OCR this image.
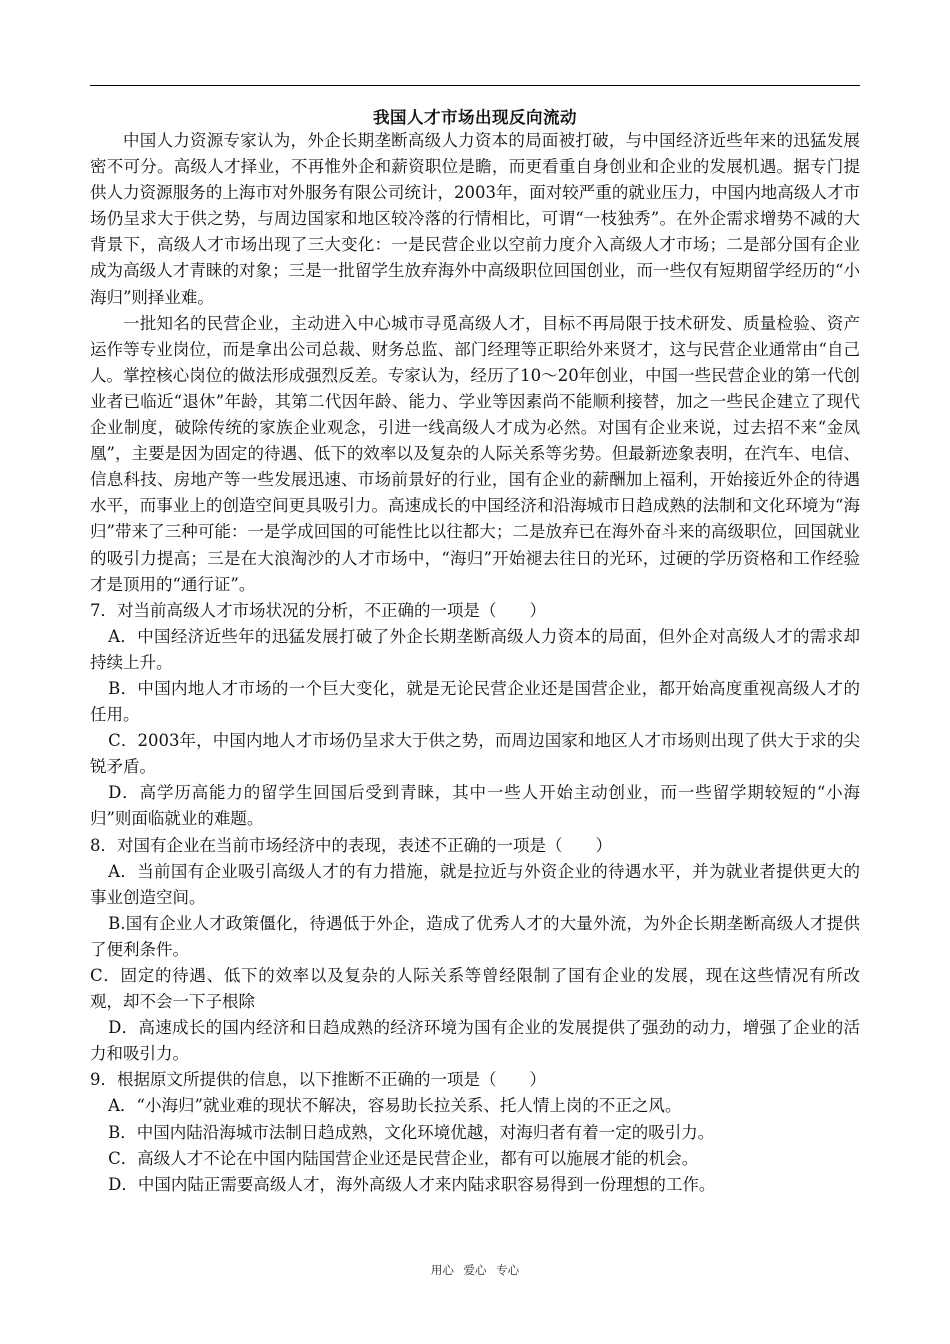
我国人才市场出现反向流动

中国人力资源专家认为，外企长期垄断高级人力资本的局面被打破，与中国经济近些年来的迅猛发展密不可分。高级人才择业，不再惟外企和薪资职位是瞻，而更看重自身创业和企业的发展机遇。据专门提供人力资源服务的上海市对外服务有限公司统计，2003年，面对较严重的就业压力，中国内地高级人才市场仍呈求大于供之势，与周边国家和地区较冷落的行情相比，可谓“一枝独秀”。在外企需求增势不减的大背景下，高级人才市场出现了三大变化：一是民营企业以空前力度介入高级人才市场；二是部分国有企业成为高级人才青睐的对象；三是一批留学生放弃海外中高级职位回国创业，而一些仅有短期留学经历的“小海归”则择业难。

一批知名的民营企业，主动进入中心城市寻觅高级人才，目标不再局限于技术研发、质量检验、资产运作等专业岗位，而是拿出公司总裁、财务总监、部门经理等正职给外来贤才，这与民营企业通常由“自己人。掌控核心岗位的做法形成强烈反差。专家认为，经历了10～20年创业，中国一些民营企业的第一代创业者已临近“退休”年龄，其第二代因年龄、能力、学业等因素尚不能顺利接替，加之一些民企建立了现代企业制度，破除传统的家族企业观念，引进一线高级人才成为必然。对国有企业来说，过去招不来“金凤凰”，主要是因为固定的待遇、低下的效率以及复杂的人际关系等劣势。但最新迹象表明，在汽车、电信、信息科技、房地产等一些发展迅速、市场前景好的行业，国有企业的薪酬加上福利，开始接近外企的待遇水平，而事业上的创造空间更具吸引力。高速成长的中国经济和沿海城市日趋成熟的法制和文化环境为“海归”带来了三种可能：一是学成回国的可能性比以往都大；二是放弃已在海外奋斗来的高级职位，回国就业的吸引力提高；三是在大浪淘沙的人才市场中，“海归”开始褪去往日的光环，过硬的学历资格和工作经验才是顶用的“通行证”。

7．对当前高级人才市场状况的分析，不正确的一项是（　　）

A．中国经济近些年的迅猛发展打破了外企长期垄断高级人力资本的局面，但外企对高级人才的需求却持续上升。

B．中国内地人才市场的一个巨大变化，就是无论民营企业还是国营企业，都开始高度重视高级人才的任用。

C．2003年，中国内地人才市场仍呈求大于供之势，而周边国家和地区人才市场则出现了供大于求的尖锐矛盾。

D．高学历高能力的留学生回国后受到青睐，其中一些人开始主动创业，而一些留学期较短的“小海归”则面临就业的难题。

8．对国有企业在当前市场经济中的表现，表述不正确的一项是（　　）

A．当前国有企业吸引高级人才的有力措施，就是拉近与外资企业的待遇水平，并为就业者提供更大的事业创造空间。

B.国有企业人才政策僵化，待遇低于外企，造成了优秀人才的大量外流，为外企长期垄断高级人才提供了便利条件。

C．固定的待遇、低下的效率以及复杂的人际关系等曾经限制了国有企业的发展，现在这些情况有所改观，却不会一下子根除

D．高速成长的国内经济和日趋成熟的经济环境为国有企业的发展提供了强劲的动力，增强了企业的活力和吸引力。

9．根据原文所提供的信息，以下推断不正确的一项是（　　）

A．“小海归”就业难的现状不解决，容易助长拉关系、托人情上岗的不正之风。

B．中国内陆沿海城市法制日趋成熟，文化环境优越，对海归者有着一定的吸引力。

C．高级人才不论在中国内陆国营企业还是民营企业，都有可以施展才能的机会。

D．中国内陆正需要高级人才，海外高级人才来内陆求职容易得到一份理想的工作。

用心 爱心 专心
